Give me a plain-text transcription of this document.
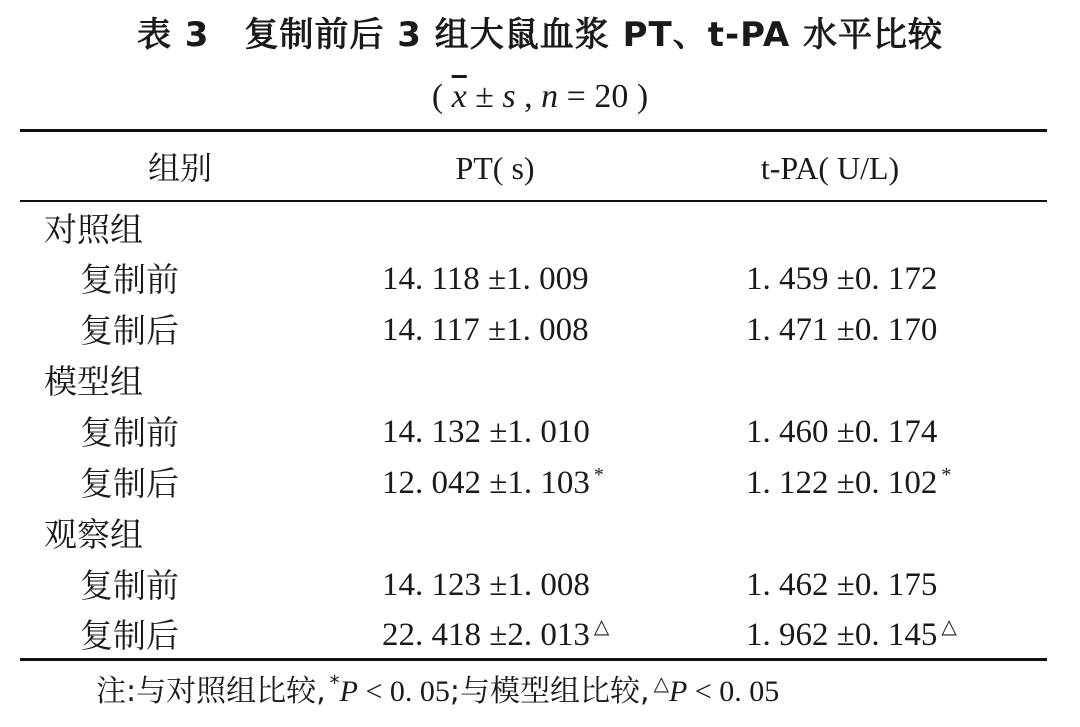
表 3　复制前后 3 组大鼠血浆 PT、t-PA 水平比较
( $\overline{x} \pm s$ , n = 20 )
组别	PT( s)	t-PA( U/L)
对照组
复制前	14. 118 ±1. 009	1. 459 ±0. 172
复制后	14. 117 ±1. 008	1. 471 ±0. 170
模型组
复制前	14. 132 ±1. 010	1. 460 ±0. 174
复制后	12. 042 ±1. 103 *	1. 122 ±0. 102 *
观察组
复制前	14. 123 ±1. 008	1. 462 ±0. 175
复制后	22. 418 ±2. 013 △	1. 962 ±0. 145 △
注:与对照组比较, *P < 0. 05;与模型组比较, △P < 0. 05
